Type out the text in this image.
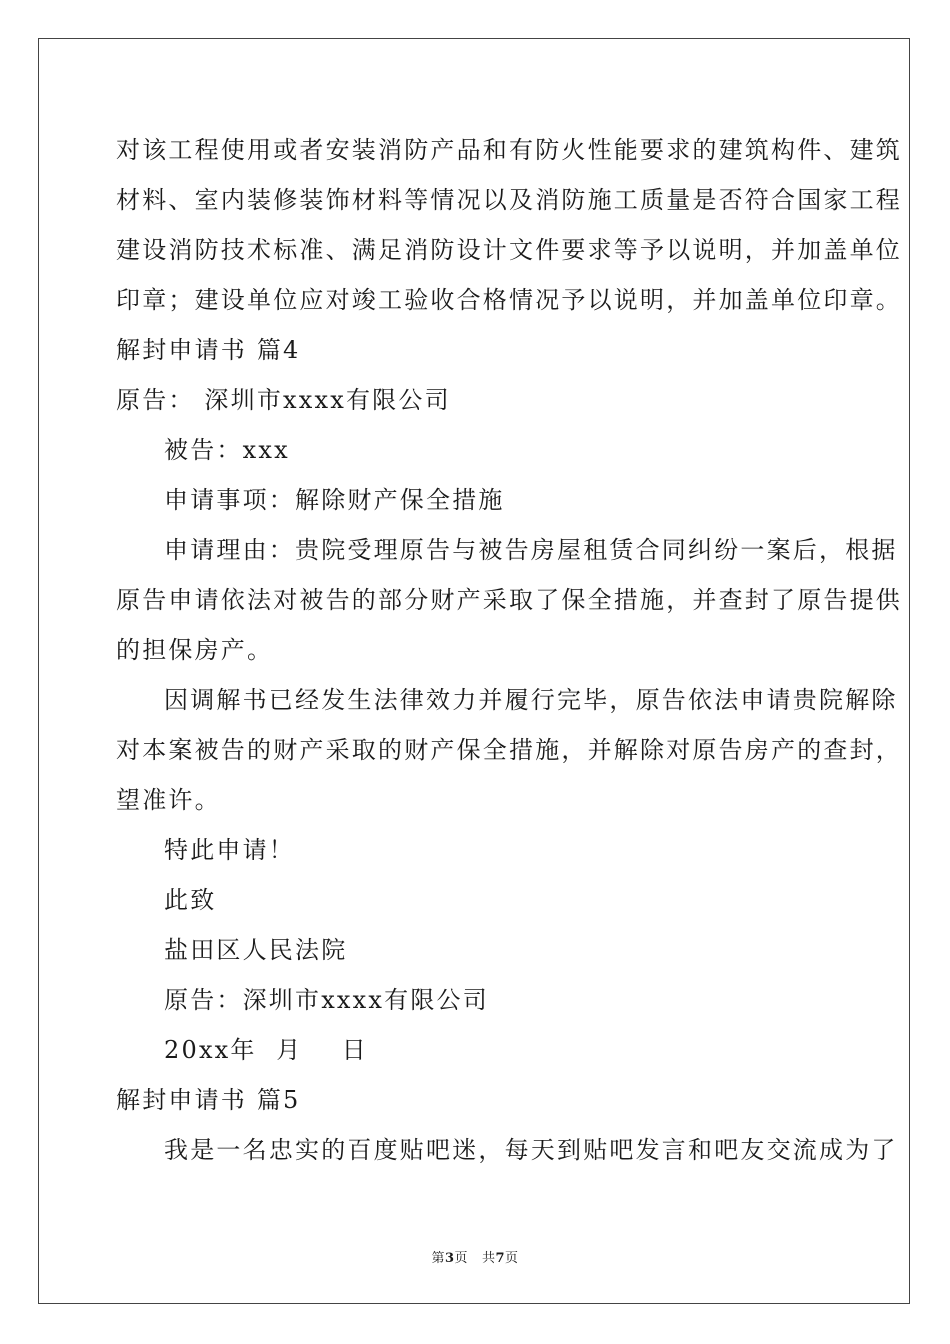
对该工程使用或者安装消防产品和有防火性能要求的建筑构件、建筑
材料、室内装修装饰材料等情况以及消防施工质量是否符合国家工程
建设消防技术标准、满足消防设计文件要求等予以说明，并加盖单位
印章；建设单位应对竣工验收合格情况予以说明，并加盖单位印章。
解封申请书 篇4
原告： 深圳市xxxx有限公司
被告：xxx
申请事项：解除财产保全措施
申请理由：贵院受理原告与被告房屋租赁合同纠纷一案后，根据
原告申请依法对被告的部分财产采取了保全措施，并查封了原告提供
的担保房产。
因调解书已经发生法律效力并履行完毕，原告依法申请贵院解除
对本案被告的财产采取的财产保全措施，并解除对原告房产的查封，
望准许。
特此申请！
此致
盐田区人民法院
原告：深圳市xxxx有限公司
20xx年  月    日
解封申请书 篇5
我是一名忠实的百度贴吧迷，每天到贴吧发言和吧友交流成为了
第3页   共7页
